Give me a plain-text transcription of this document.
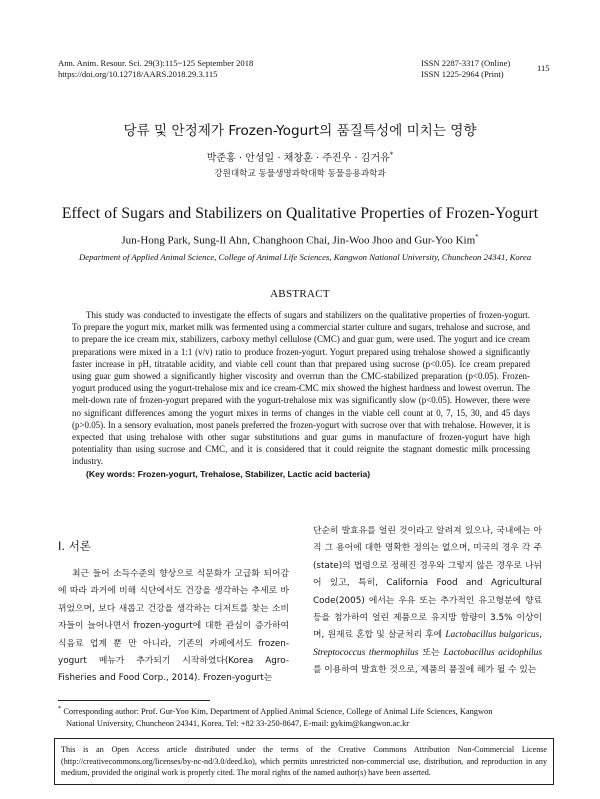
Ann. Anim. Resour. Sci. 29(3):115~125 September 2018
https://doi.org/10.12718/AARS.2018.29.3.115
ISSN 2287-3317 (Online)
ISSN 1225-2964 (Print)
115
당류 및 안정제가 Frozen-Yogurt의 품질특성에 미치는 영향
박준홍 · 안성일 · 채창훈 · 주진우 · 김거유*
강원대학교 동물생명과학대학 동물응용과학과
Effect of Sugars and Stabilizers on Qualitative Properties of Frozen-Yogurt
Jun-Hong Park, Sung-Il Ahn, Changhoon Chai, Jin-Woo Jhoo and Gur-Yoo Kim*
Department of Applied Animal Science, College of Animal Life Sciences, Kangwon National University, Chuncheon 24341, Korea
ABSTRACT

This study was conducted to investigate the effects of sugars and stabilizers on the qualitative properties of frozen-yogurt. To prepare the yogurt mix, market milk was fermented using a commercial starter culture and sugars, trehalose and sucrose, and to prepare the ice cream mix, stabilizers, carboxy methyl cellulose (CMC) and guar gum, were used. The yogurt and ice cream preparations were mixed in a 1:1 (v/v) ratio to produce frozen-yogurt. Yogurt prepared using trehalose showed a significantly faster increase in pH, titratable acidity, and viable cell count than that prepared using sucrose (p<0.05). Ice cream prepared using guar gum showed a significantly higher viscosity and overrun than the CMC-stabilized preparation (p<0.05). Frozen-yogurt produced using the yogurt-trehalose mix and ice cream-CMC mix showed the highest hardness and lowest overrun. The melt-down rate of frozen-yogurt prepared with the yogurt-trehalose mix was significantly slow (p<0.05). However, there were no significant differences among the yogurt mixes in terms of changes in the viable cell count at 0, 7, 15, 30, and 45 days (p>0.05). In a sensory evaluation, most panels preferred the frozen-yogurt with sucrose over that with trehalose. However, it is expected that using trehalose with other sugar substitutions and guar gums in manufacture of frozen-yogurt have high potentiality than using sucrose and CMC, and it is considered that it could reignite the stagnant domestic milk processing industry.

(Key words: Frozen-yogurt, Trehalose, Stabilizer, Lactic acid bacteria)

Ⅰ. 서론

최근 들어 소득수준의 향상으로 식문화가 고급화 되어감에 따라 과거에 비해 식단에서도 건강을 생각하는 추세로 바뀌었으며, 보다 새롭고 건강을 생각하는 디저트를 찾는 소비자들이 늘어나면서 frozen-yogurt에 대한 관심이 증가하여 식음료 업계 뿐 만 아니라, 기존의 카페에서도 frozen-yogurt 메뉴가 추가되기 시작하였다(Korea Agro-Fisheries and Food Corp., 2014). Frozen-yogurt는

단순히 발효유를 얼린 것이라고 알려져 있으나, 국내에는 아직 그 용어에 대한 명확한 정의는 없으며, 미국의 경우 각 주(state)의 법령으로 정해진 경우와 그렇지 않은 경우로 나뉘어 있고, 특히, California Food and Agricultural Code(2005) 에서는 우유 또는 추가적인 유고형분에 향료 등을 첨가하여 얼린 제품으로 유지방 함량이 3.5% 이상이며, 원재료 혼합 및 살균처리 후에 Lactobacillus bulgaricus, Streptococcus thermophilus 또는 Lactobacillus acidophilus 를 이용하여 발효한 것으로, 제품의 품질에 해가 될 수 있는

* Corresponding author: Prof. Gur-Yoo Kim, Department of Applied Animal Science, College of Animal Life Sciences, Kangwon
National University, Chuncheon 24341, Korea. Tel: +82 33-250-8647, E-mail: gykim@kangwon.ac.kr
This is an Open Access article distributed under the terms of the Creative Commons Attribution Non-Commercial License (http://creativecommons.org/licenses/by-nc-nd/3.0/deed.ko), which permits unrestricted non-commercial use, distribution, and reproduction in any medium, provided the original work is properly cited. The moral rights of the named author(s) have been asserted.
